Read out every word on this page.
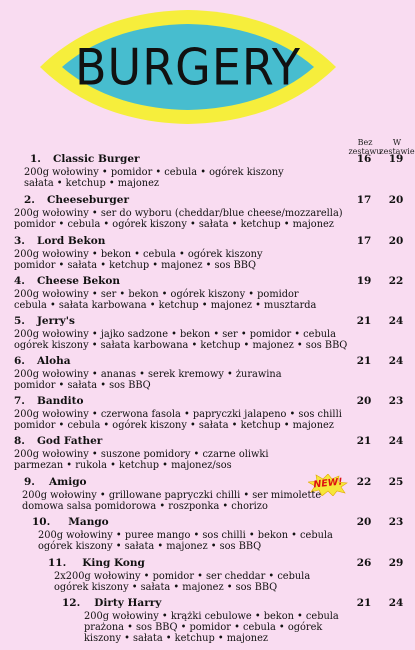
BURGERY
Bez
zestawu
W
zestawie
NEW!
1. Classic Burger
200g wołowiny • pomidor • cebula • ogórek kiszony
sałata • ketchup • majonez
16	19
2. Cheeseburger
200g wołowiny • ser do wyboru (cheddar/blue cheese/mozzarella)
pomidor • cebula • ogórek kiszony • sałata • ketchup • majonez
17	20
3. Lord Bekon
200g wołowiny • bekon • cebula • ogórek kiszony
pomidor • sałata • ketchup • majonez • sos BBQ
17	20
4. Cheese Bekon
200g wołowiny • ser • bekon • ogórek kiszony • pomidor
cebula • sałata karbowana • ketchup • majonez • musztarda
19	22
5. Jerry's
200g wołowiny • jajko sadzone • bekon • ser • pomidor • cebula
ogórek kiszony • sałata karbowana • ketchup • majonez • sos BBQ
21	24
6. Aloha
200g wołowiny • ananas • serek kremowy • żurawina
pomidor • sałata • sos BBQ
21	24
7. Bandito
200g wołowiny • czerwona fasola • papryczki jalapeno • sos chilli
pomidor • cebula • ogórek kiszony • sałata • ketchup • majonez
20	23
8. God Father
200g wołowiny • suszone pomidory • czarne oliwki
parmezan • rukola • ketchup • majonez/sos
21	24
9. Amigo
200g wołowiny • grillowane papryczki chilli • ser mimolette
domowa salsa pomidorowa • roszponka • chorizo
22	25
10. Mango
200g wołowiny • puree mango • sos chilli • bekon • cebula
ogórek kiszony • sałata • majonez • sos BBQ
20	23
11. King Kong
2x200g wołowiny • pomidor • ser cheddar • cebula
ogórek kiszony • sałata • majonez • sos BBQ
26	29
12. Dirty Harry
200g wołowiny • krążki cebulowe • bekon • cebula
prażona • sos BBQ • pomidor • cebula • ogórek
kiszony • sałata • ketchup • majonez
21	24
